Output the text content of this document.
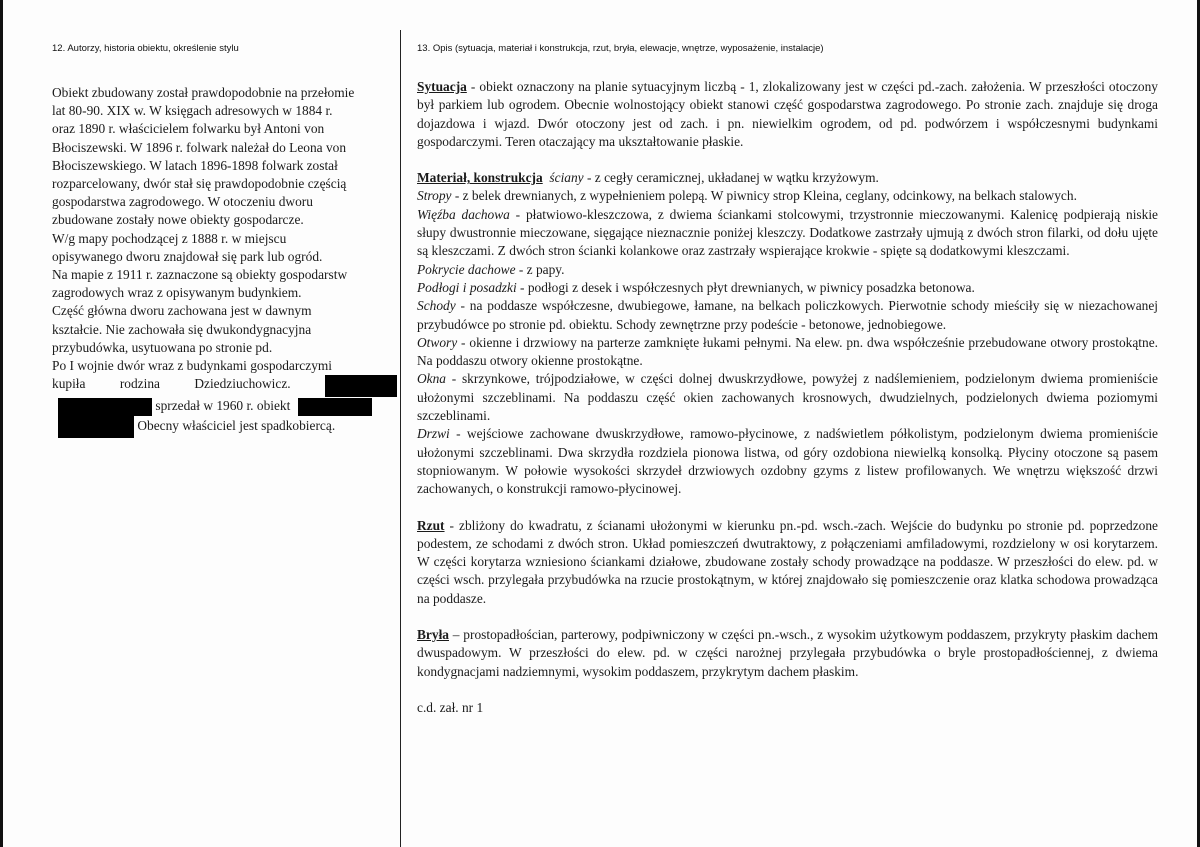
12. Autorzy, historia obiektu, określenie stylu	13. Opis (sytuacja, materiał i konstrukcja, rzut, bryła, elewacje, wnętrze, wyposażenie, instalacje)

Obiekt zbudowany został prawdopodobnie na przełomie
lat 80-90. XIX w. W księgach adresowych w 1884 r.
oraz 1890 r. właścicielem folwarku był Antoni von
Błociszewski. W 1896 r. folwark należał do Leona von
Błociszewskiego. W latach 1896-1898 folwark został
rozparcelowany, dwór stał się prawdopodobnie częścią
gospodarstwa zagrodowego. W otoczeniu dworu
zbudowane zostały nowe obiekty gospodarcze.
W/g mapy pochodzącej z 1888 r. w miejscu
opisywanego dworu znajdował się park lub ogród.
Na mapie z 1911 r. zaznaczone są obiekty gospodarstw
zagrodowych wraz z opisywanym budynkiem.

Część główna dworu zachowana jest w dawnym
kształcie. Nie zachowała się dwukondygnacyjna
przybudówka, usytuowana po stronie pd.

Po I wojnie dwór wraz z budynkami gospodarczymi
kupiła	rodzina	Dziedziuchowicz.
sprzedał w 1960 r. obiekt
Obecny właściciel jest spadkobiercą.

Sytuacja - obiekt oznaczony na planie sytuacyjnym liczbą - 1, zlokalizowany jest w części pd.-zach. założenia. W przeszłości otoczony był parkiem lub ogrodem. Obecnie wolnostojący obiekt stanowi część gospodarstwa zagrodowego. Po stronie zach. znajduje się droga dojazdowa i wjazd. Dwór otoczony jest od zach. i pn. niewielkim ogrodem, od pd. podwórzem i współczesnymi budynkami gospodarczymi. Teren otaczający ma ukształtowanie płaskie.

Materiał, konstrukcja ściany - z cegły ceramicznej, układanej w wątku krzyżowym.

Stropy - z belek drewnianych, z wypełnieniem polepą. W piwnicy strop Kleina, ceglany, odcinkowy, na belkach stalowych.

Więźba dachowa - płatwiowo-kleszczowa, z dwiema ściankami stolcowymi, trzystronnie mieczowanymi. Kalenicę podpierają niskie słupy dwustronnie mieczowane, sięgające nieznacznie poniżej kleszczy. Dodatkowe zastrzały ujmują z dwóch stron filarki, od dołu ujęte są kleszczami. Z dwóch stron ścianki kolankowe oraz zastrzały wspierające krokwie - spięte są dodatkowymi kleszczami.

Pokrycie dachowe - z papy.

Podłogi i posadzki - podłogi z desek i współczesnych płyt drewnianych, w piwnicy posadzka betonowa.

Schody - na poddasze współczesne, dwubiegowe, łamane, na belkach policzkowych. Pierwotnie schody mieściły się w niezachowanej przybudówce po stronie pd. obiektu. Schody zewnętrzne przy podeście - betonowe, jednobiegowe.

Otwory - okienne i drzwiowy na parterze zamknięte łukami pełnymi. Na elew. pn. dwa współcześnie przebudowane otwory prostokątne. Na poddaszu otwory okienne prostokątne.

Okna - skrzynkowe, trójpodziałowe, w części dolnej dwuskrzydłowe, powyżej z nadślemieniem, podzielonym dwiema promieniście ułożonymi szczeblinami. Na poddaszu część okien zachowanych krosnowych, dwudzielnych, podzielonych dwiema poziomymi szczeblinami.

Drzwi - wejściowe zachowane dwuskrzydłowe, ramowo-płycinowe, z nadświetlem półkolistym, podzielonym dwiema promieniście ułożonymi szczeblinami. Dwa skrzydła rozdziela pionowa listwa, od góry ozdobiona niewielką konsolką. Płyciny otoczone są pasem stopniowanym. W połowie wysokości skrzydeł drzwiowych ozdobny gzyms z listew profilowanych. We wnętrzu większość drzwi zachowanych, o konstrukcji ramowo-płycinowej.

Rzut - zbliżony do kwadratu, z ścianami ułożonymi w kierunku pn.-pd. wsch.-zach. Wejście do budynku po stronie pd. poprzedzone podestem, ze schodami z dwóch stron. Układ pomieszczeń dwutraktowy, z połączeniami amfiladowymi, rozdzielony w osi korytarzem. W części korytarza wzniesiono ściankami działowe, zbudowane zostały schody prowadzące na poddasze. W przeszłości do elew. pd. w części wsch. przylegała przybudówka na rzucie prostokątnym, w której znajdowało się pomieszczenie oraz klatka schodowa prowadząca na poddasze.

Bryła – prostopadłościan, parterowy, podpiwniczony w części pn.-wsch., z wysokim użytkowym poddaszem, przykryty płaskim dachem dwuspadowym. W przeszłości do elew. pd. w części narożnej przylegała przybudówka o bryle prostopadłościennej, z dwiema kondygnacjami nadziemnymi, wysokim poddaszem, przykrytym dachem płaskim.

c.d. zał. nr 1
